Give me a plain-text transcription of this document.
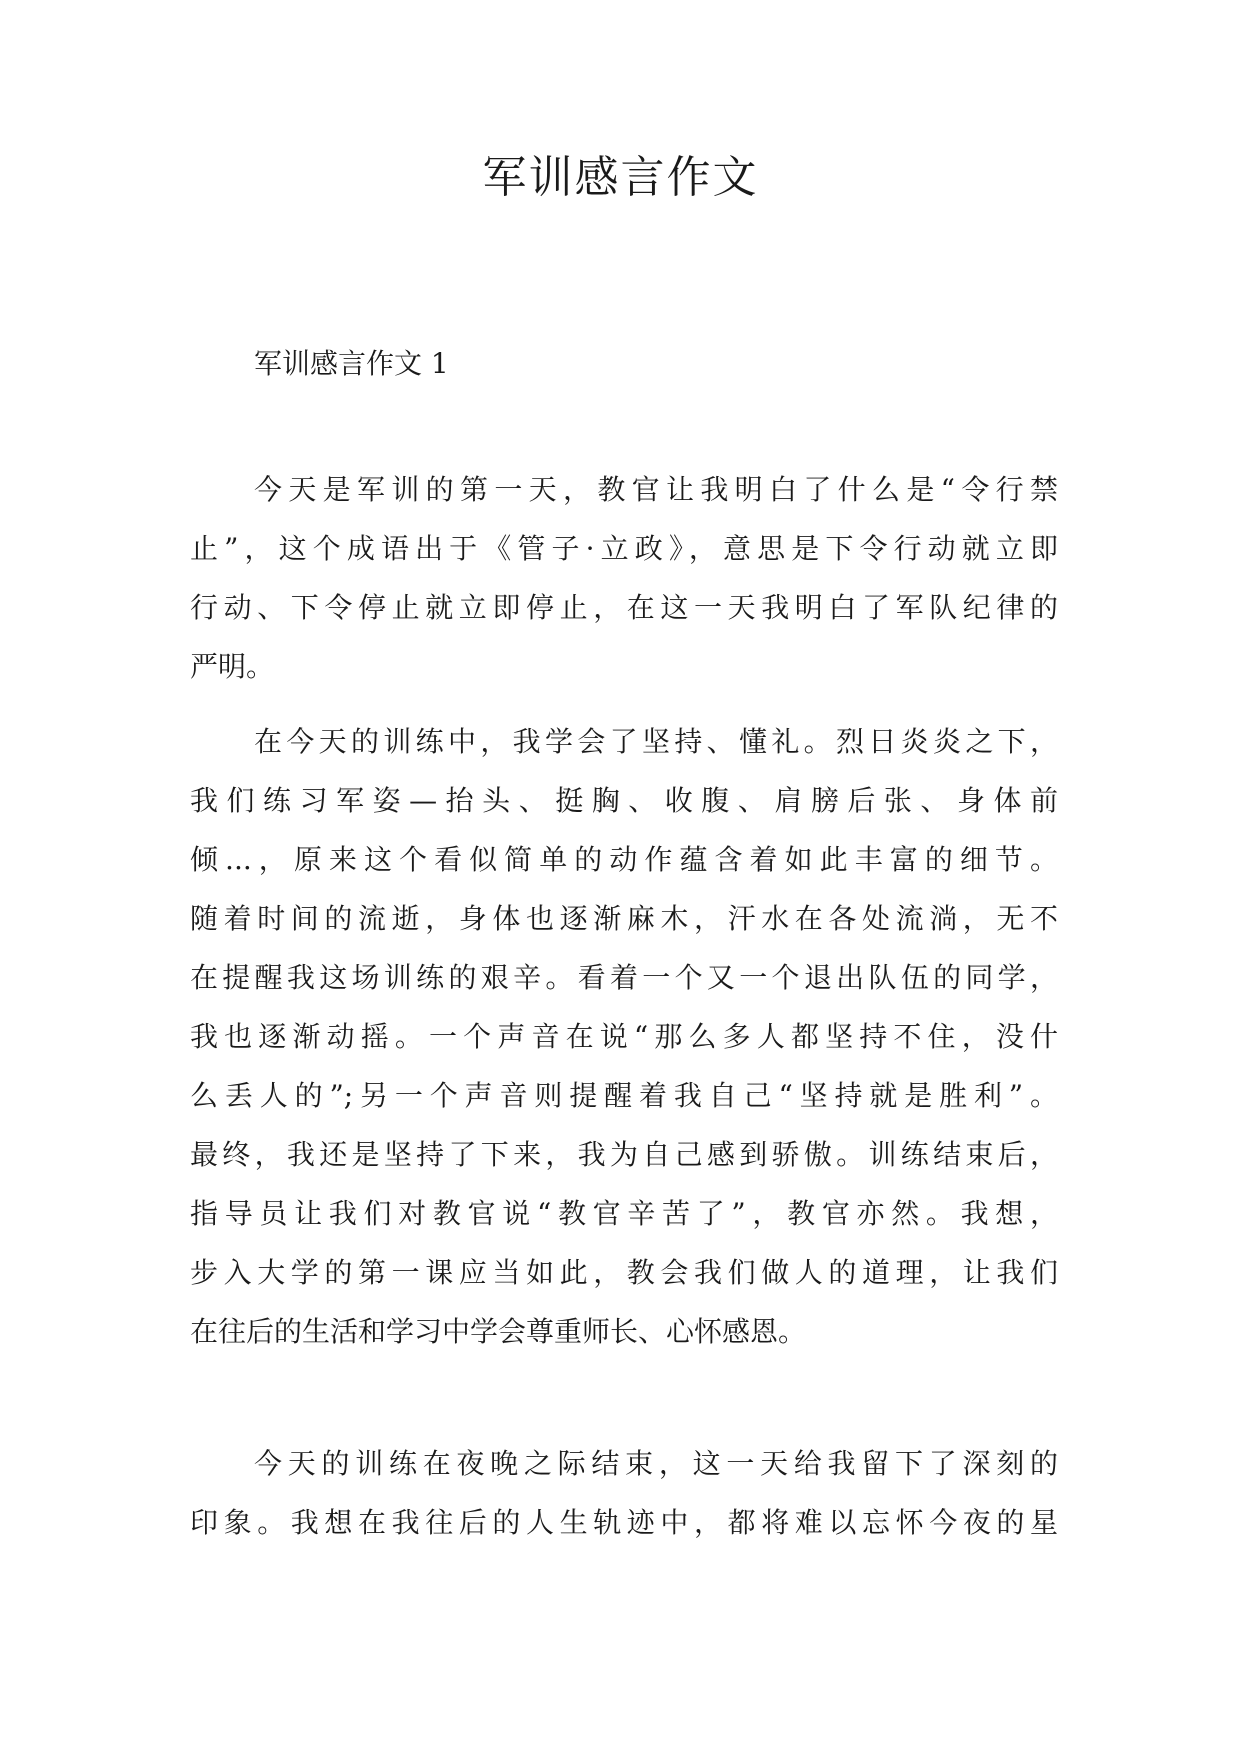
军训感言作文
军训感言作文 1

今天是军训的第一天，教官让我明白了什么是“令行禁
止”，这个成语出于《管子·立政》，意思是下令行动就立即
行动、下令停止就立即停止，在这一天我明白了军队纪律的
严明。

在今天的训练中，我学会了坚持、懂礼。烈日炎炎之下，
我们练习军姿—抬头、挺胸、收腹、肩膀后张、身体前
倾...，原来这个看似简单的动作蕴含着如此丰富的细节。
随着时间的流逝，身体也逐渐麻木，汗水在各处流淌，无不
在提醒我这场训练的艰辛。看着一个又一个退出队伍的同学，
我也逐渐动摇。一个声音在说“那么多人都坚持不住，没什
么丢人的”;另一个声音则提醒着我自己“坚持就是胜利”。
最终，我还是坚持了下来，我为自己感到骄傲。训练结束后，
指导员让我们对教官说“教官辛苦了”，教官亦然。我想，
步入大学的第一课应当如此，教会我们做人的道理，让我们
在往后的生活和学习中学会尊重师长、心怀感恩。

今天的训练在夜晚之际结束，这一天给我留下了深刻的
印象。我想在我往后的人生轨迹中，都将难以忘怀今夜的星
